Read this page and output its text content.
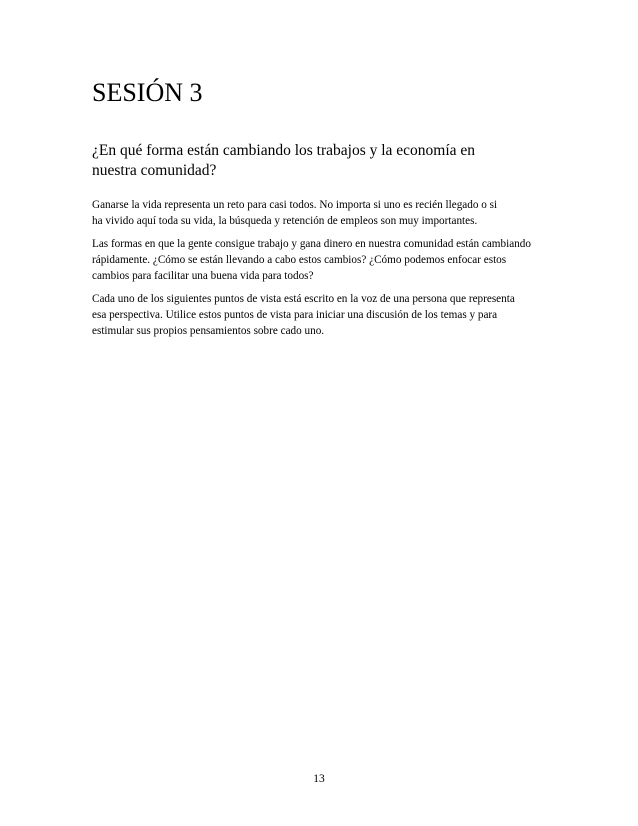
SESIÓN 3

¿En qué forma están cambiando los trabajos y la economía en
nuestra comunidad?

Ganarse la vida representa un reto para casi todos. No importa si uno es recién llegado o si
ha vivido aquí toda su vida, la búsqueda y retención de empleos son muy importantes.

Las formas en que la gente consigue trabajo y gana dinero en nuestra comunidad están cambiando
rápidamente. ¿Cómo se están llevando a cabo estos cambios? ¿Cómo podemos enfocar estos
cambios para facilitar una buena vida para todos?

Cada uno de los siguientes puntos de vista está escrito en la voz de una persona que representa
esa perspectiva. Utilice estos puntos de vista para iniciar una discusión de los temas y para
estimular sus propios pensamientos sobre cado uno.

13
